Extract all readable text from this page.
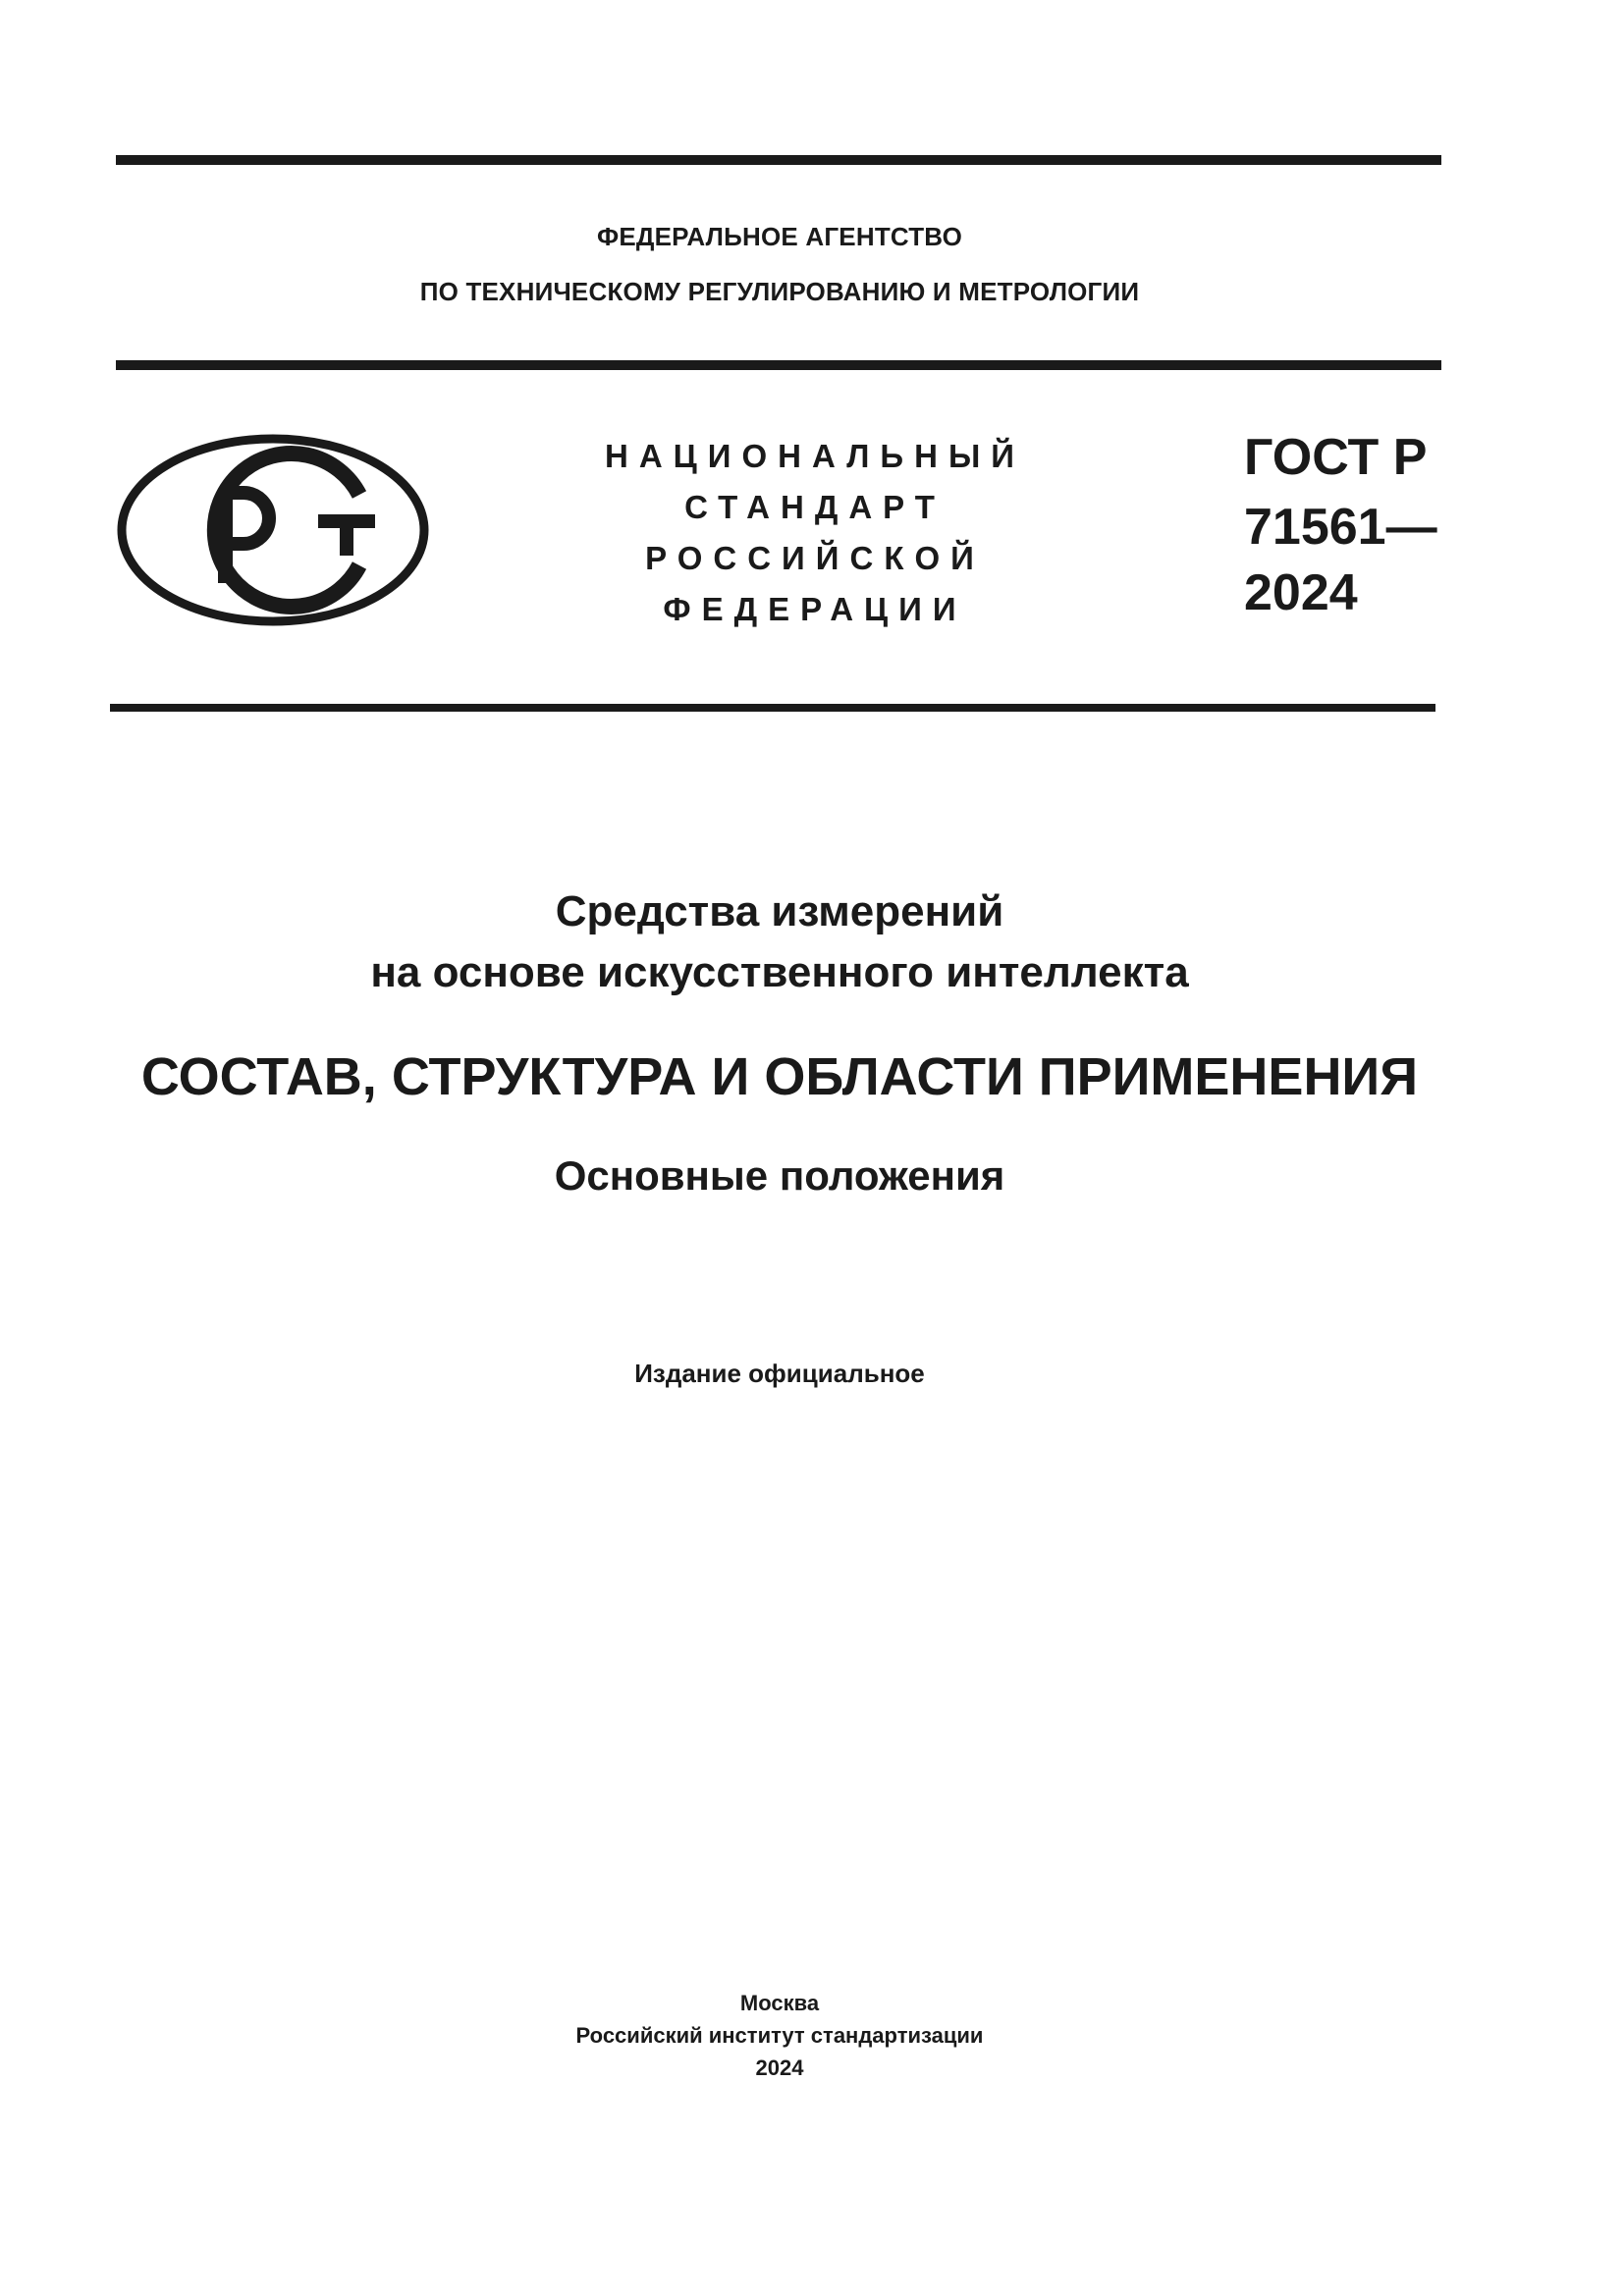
ФЕДЕРАЛЬНОЕ АГЕНТСТВО
ПО ТЕХНИЧЕСКОМУ РЕГУЛИРОВАНИЮ И МЕТРОЛОГИИ
НАЦИОНАЛЬНЫЙ
СТАНДАРТ
РОССИЙСКОЙ
ФЕДЕРАЦИИ
ГОСТ Р
71561—
2024
Средства измерений
на основе искусственного интеллекта
СОСТАВ, СТРУКТУРА И ОБЛАСТИ ПРИМЕНЕНИЯ
Основные положения
Издание официальное
Москва
Российский институт стандартизации
2024
